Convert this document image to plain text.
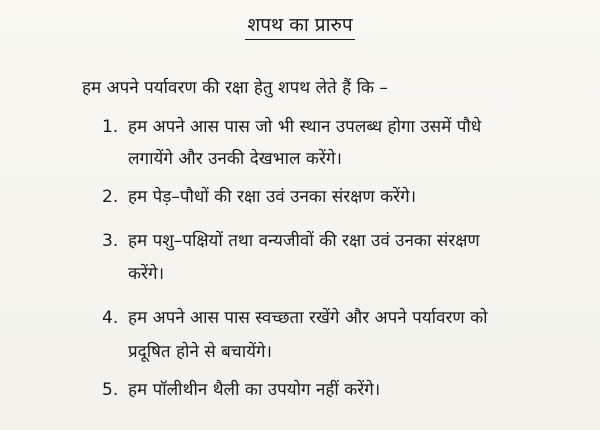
शपथ का प्रारुप
हम अपने पर्यावरण की रक्षा हेतु शपथ लेते हैं कि –
1. हम अपने आस पास जो भी स्थान उपलब्ध होगा उसमें पौधे
लगायेंगे और उनकी देखभाल करेंगे।
2. हम पेड़–पौधों की रक्षा उवं उनका संरक्षण करेंगे।
3. हम पशु–पक्षियों तथा वन्यजीवों की रक्षा उवं उनका संरक्षण
करेंगे।
4. हम अपने आस पास स्वच्छता रखेंगे और अपने पर्यावरण को
प्रदूषित होने से बचायेंगे।
5. हम पॉलीथीन थैली का उपयोग नहीं करेंगे।
